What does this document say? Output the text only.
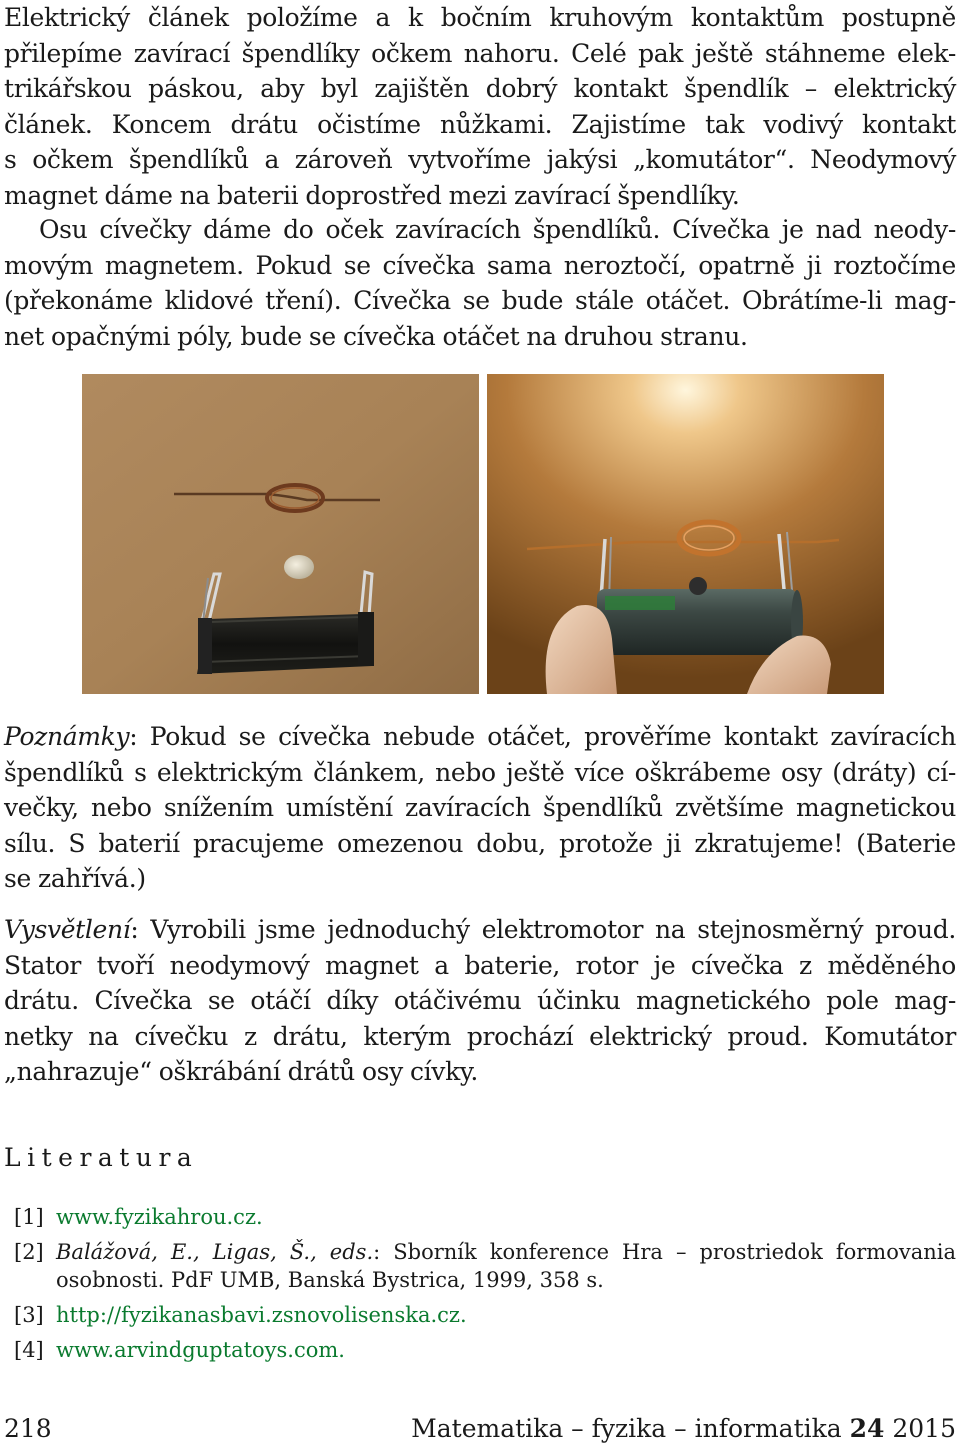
Elektrický článek položíme a k bočním kruhovým kontaktům postupně
přilepíme zavírací špendlíky očkem nahoru. Celé pak ještě stáhneme elek-
trikářskou páskou, aby byl zajištěn dobrý kontakt špendlík – elektrický
článek. Koncem drátu očistíme nůžkami. Zajistíme tak vodivý kontakt
s očkem špendlíků a zároveň vytvoříme jakýsi „komutátor“. Neodymový
magnet dáme na baterii doprostřed mezi zavírací špendlíky.
Osu cívečky dáme do oček zavíracích špendlíků. Cívečka je nad neody-
movým magnetem. Pokud se cívečka sama neroztočí, opatrně ji roztočíme
(překonáme klidové tření). Cívečka se bude stále otáčet. Obrátíme-li mag-
net opačnými póly, bude se cívečka otáčet na druhou stranu.
Poznámky: Pokud se cívečka nebude otáčet, prověříme kontakt zavíracích
špendlíků s elektrickým článkem, nebo ještě více oškrábeme osy (dráty) cí-
večky, nebo snížením umístění zavíracích špendlíků zvětšíme magnetickou
sílu. S baterií pracujeme omezenou dobu, protože ji zkratujeme! (Baterie
se zahřívá.)
Vysvětlení: Vyrobili jsme jednoduchý elektromotor na stejnosměrný proud.
Stator tvoří neodymový magnet a baterie, rotor je cívečka z měděného
drátu. Cívečka se otáčí díky otáčivému účinku magnetického pole mag-
netky na cívečku z drátu, kterým prochází elektrický proud. Komutátor
„nahrazuje“ oškrábání drátů osy cívky.
Literatura
[1] www.fyzikahrou.cz.
[2] Balážová, E., Ligas, Š., eds.: Sborník konference Hra – prostriedok formovania
osobnosti. PdF UMB, Banská Bystrica, 1999, 358 s.
[3] http://fyzikanasbavi.zsnovolisenska.cz.
[4] www.arvindguptatoys.com.
218	Matematika – fyzika – informatika 24 2015
